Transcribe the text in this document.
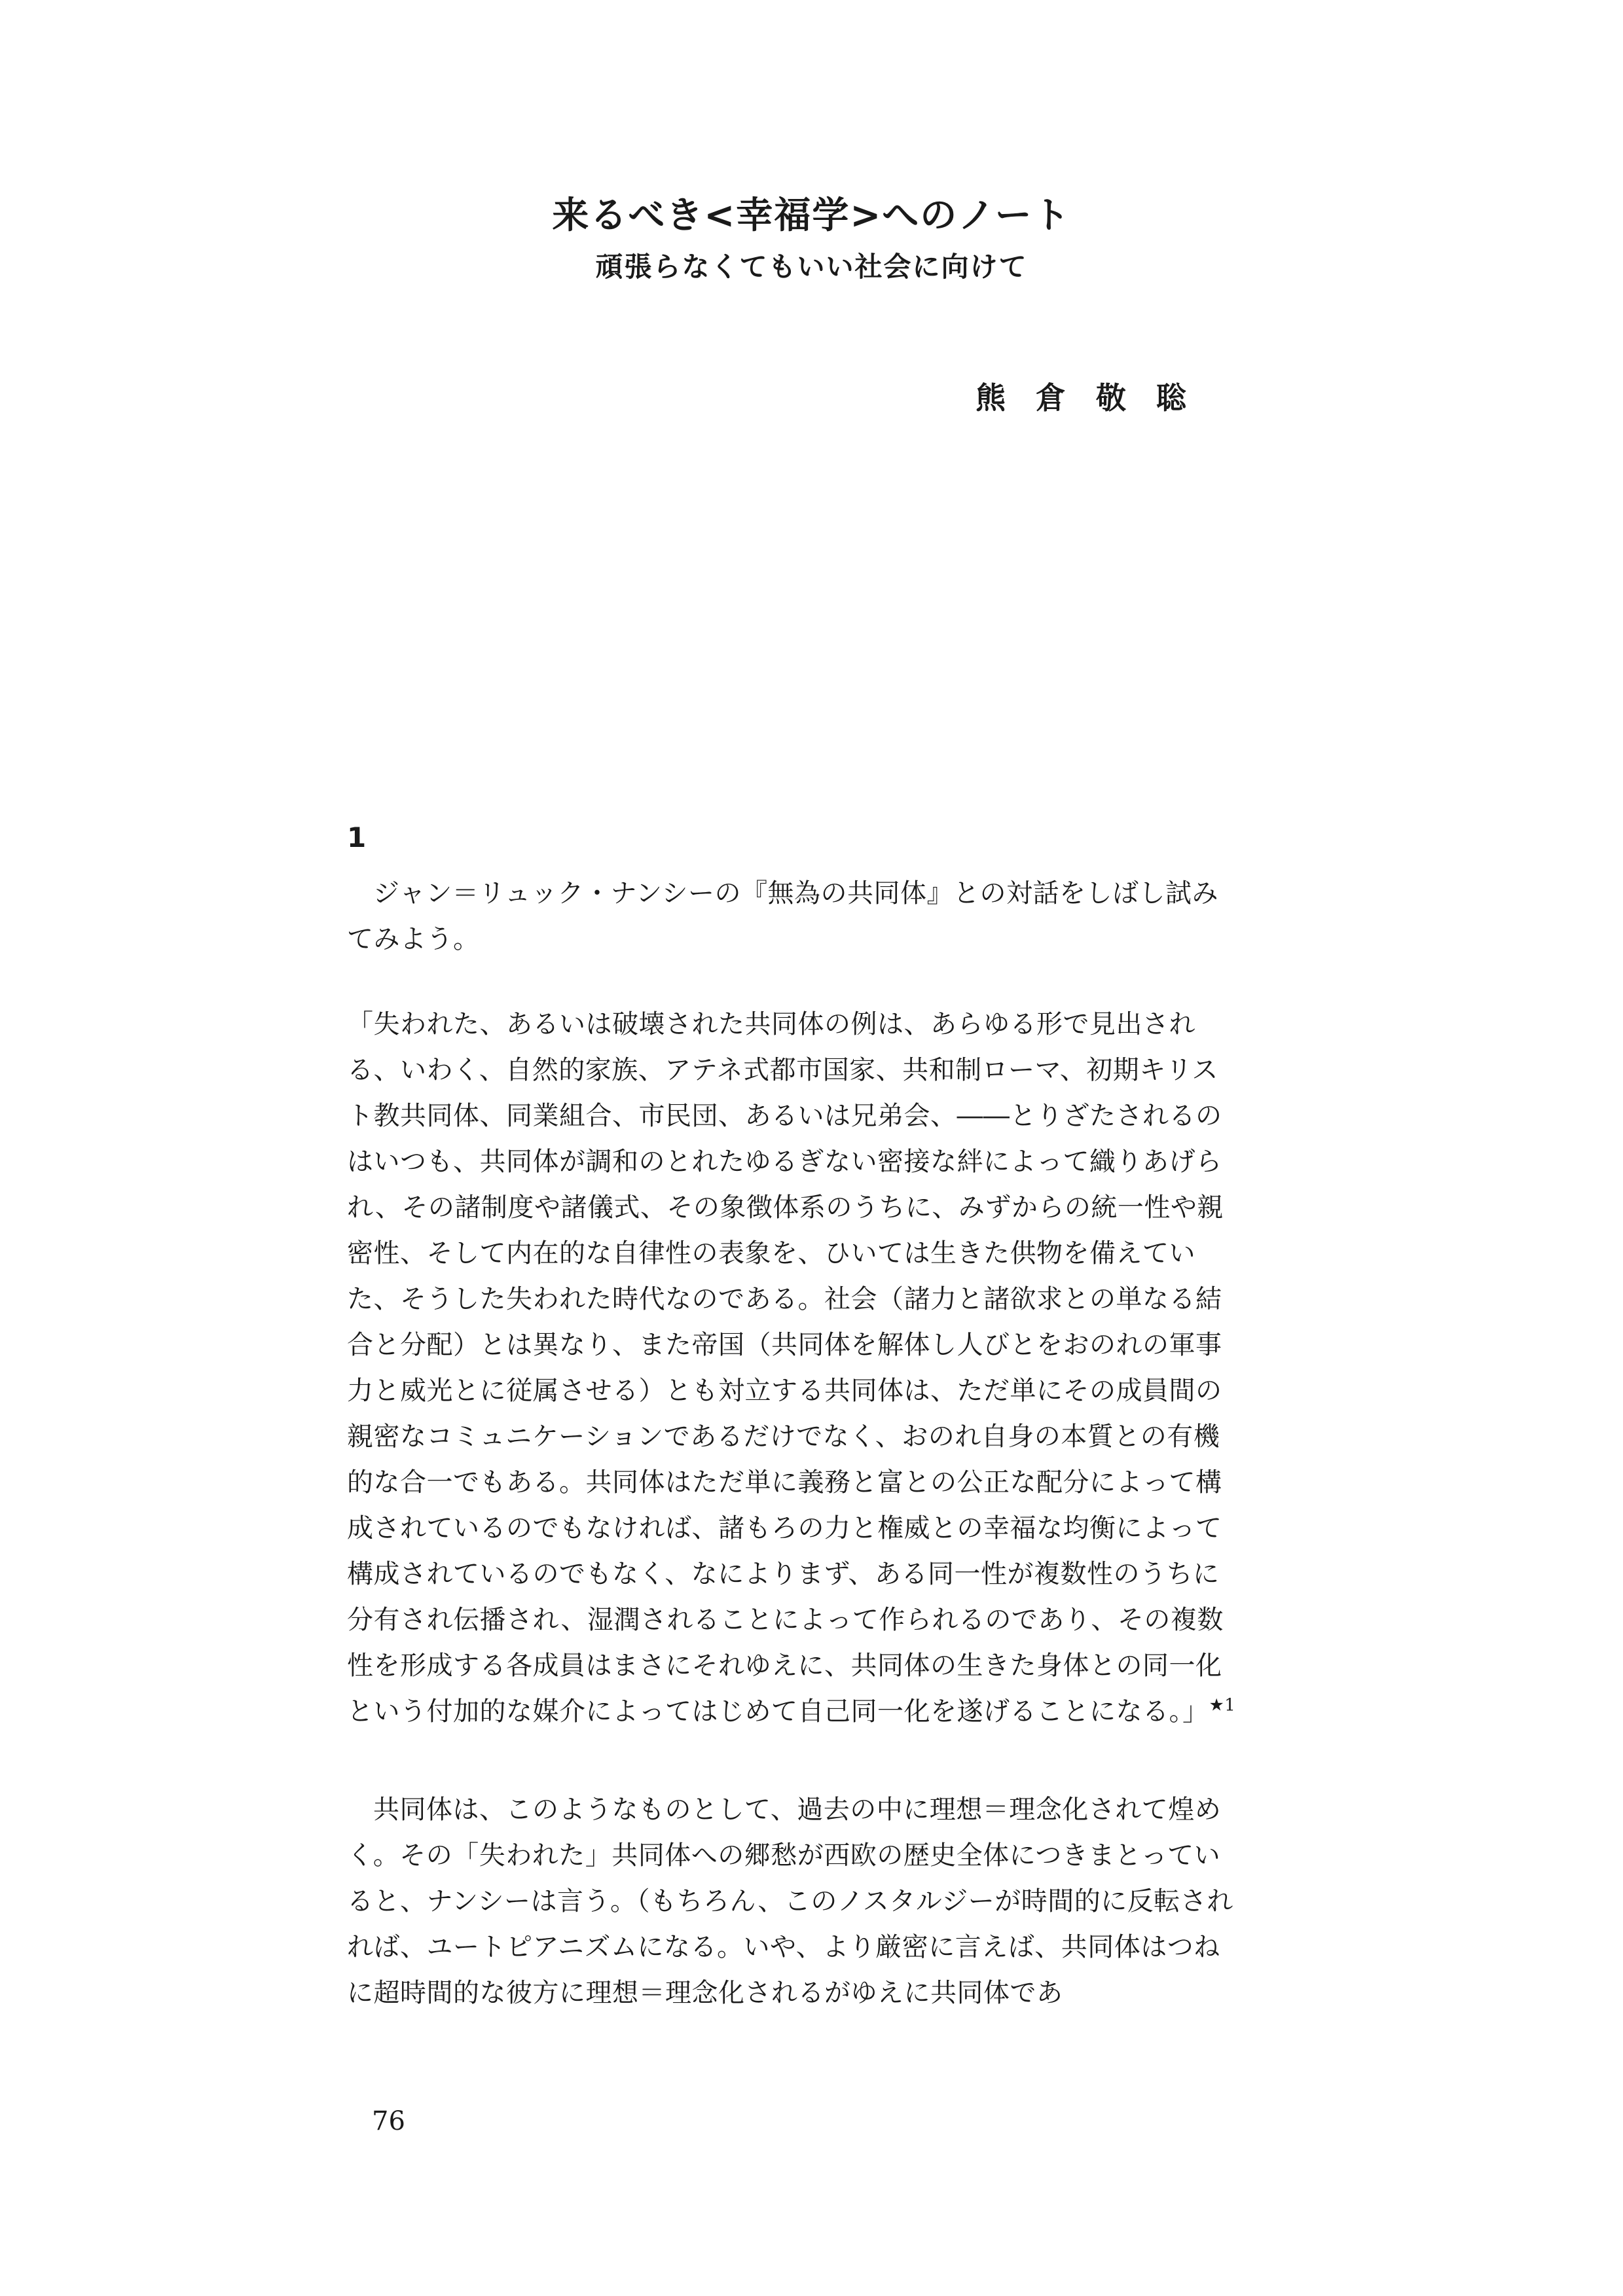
来るべき<幸福学>へのノート
頑張らなくてもいい社会に向けて

熊倉敬聡

1

ジャン＝リュック・ナンシーの『無為の共同体』との対話をしばし試みてみよう。

「失われた、あるいは破壊された共同体の例は、あらゆる形で見出される、いわく、自然的家族、アテネ式都市国家、共和制ローマ、初期キリスト教共同体、同業組合、市民団、あるいは兄弟会、――とりざたされるのはいつも、共同体が調和のとれたゆるぎない密接な絆によって織りあげられ、その諸制度や諸儀式、その象徴体系のうちに、みずからの統一性や親密性、そして内在的な自律性の表象を、ひいては生きた供物を備えていた、そうした失われた時代なのである。社会（諸力と諸欲求との単なる結合と分配）とは異なり、また帝国（共同体を解体し人びとをおのれの軍事力と威光とに従属させる）とも対立する共同体は、ただ単にその成員間の親密なコミュニケーションであるだけでなく、おのれ自身の本質との有機的な合一でもある。共同体はただ単に義務と富との公正な配分によって構成されているのでもなければ、諸もろの力と権威との幸福な均衡によって構成されているのでもなく、なによりまず、ある同一性が複数性のうちに分有され伝播され、湿潤されることによって作られるのであり、その複数性を形成する各成員はまさにそれゆえに、共同体の生きた身体との同一化という付加的な媒介によってはじめて自己同一化を遂げることになる。」$^{★1}$

共同体は、このようなものとして、過去の中に理想＝理念化されて煌めく。その「失われた」共同体への郷愁が西欧の歴史全体につきまとっていると、ナンシーは言う。（もちろん、このノスタルジーが時間的に反転されれば、ユートピアニズムになる。いや、より厳密に言えば、共同体はつねに超時間的な彼方に理想＝理念化されるがゆえに共同体であ

76
